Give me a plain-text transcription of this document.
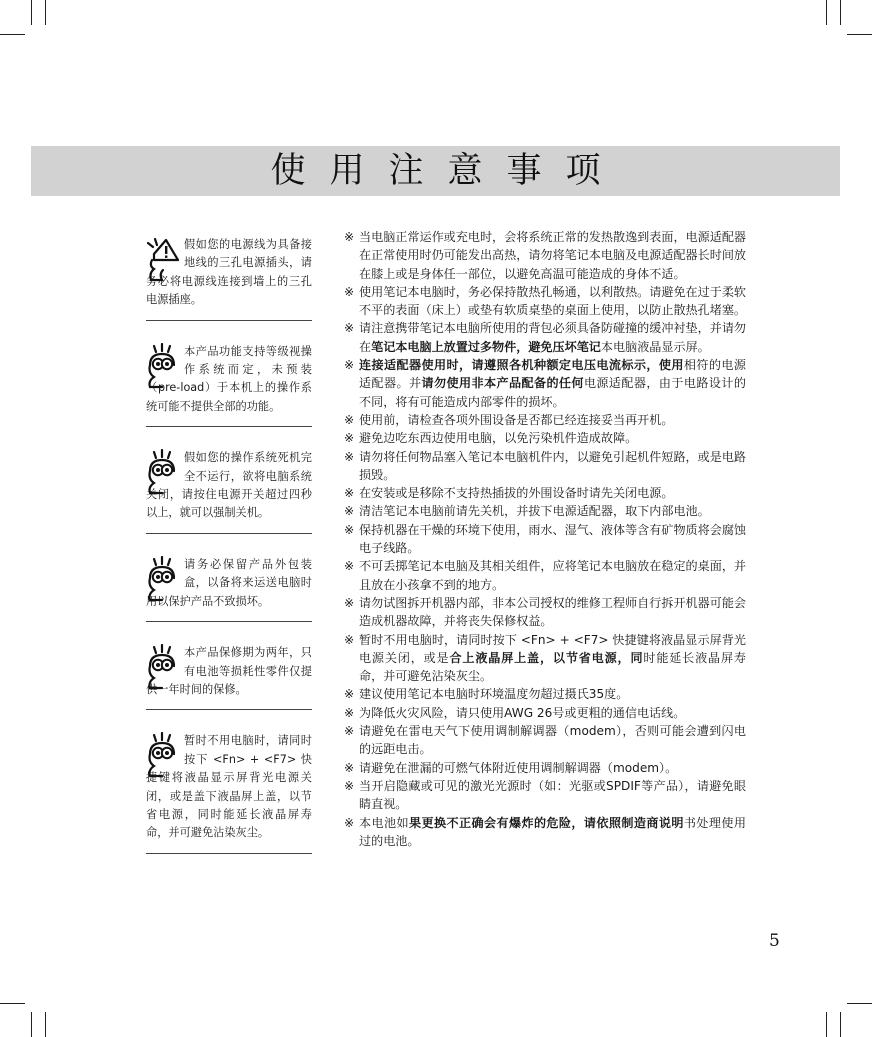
使用注意事项

假如您的电源线为具备接地线的三孔电源插头，请务必将电源线连接到墙上的三孔电源插座。

本产品功能支持等级视操作系统而定，未预装（pre-load）于本机上的操作系统可能不提供全部的功能。

假如您的操作系统死机完全不运行，欲将电脑系统关闭，请按住电源开关超过四秒以上，就可以强制关机。

请务必保留产品外包装盒，以备将来运送电脑时用以保护产品不致损坏。

本产品保修期为两年，只有电池等损耗性零件仅提供一年时间的保修。

暂时不用电脑时，请同时按下 <Fn> + <F7> 快捷键将液晶显示屏背光电源关闭，或是盖下液晶屏上盖，以节省电源，同时能延长液晶屏寿命，并可避免沾染灰尘。

※ 当电脑正常运作或充电时，会将系统正常的发热散逸到表面，电源适配器在正常使用时仍可能发出高热，请勿将笔记本电脑及电源适配器长时间放在膝上或是身体任一部位，以避免高温可能造成的身体不适。

※ 使用笔记本电脑时，务必保持散热孔畅通，以利散热。请避免在过于柔软不平的表面（床上）或垫有软质桌垫的桌面上使用，以防止散热孔堵塞。

※ 请注意携带笔记本电脑所使用的背包必须具备防碰撞的缓冲衬垫，并请勿在笔记本电脑上放置过多物件，避免压坏笔记本电脑液晶显示屏。

※ 连接适配器使用时，请遵照各机种额定电压电流标示，使用相符的电源适配器。并请勿使用非本产品配备的任何电源适配器，由于电路设计的不同，将有可能造成内部零件的损坏。

※ 使用前，请检查各项外围设备是否都已经连接妥当再开机。

※ 避免边吃东西边使用电脑，以免污染机件造成故障。

※ 请勿将任何物品塞入笔记本电脑机件内，以避免引起机件短路，或是电路损毁。

※ 在安装或是移除不支持热插拔的外围设备时请先关闭电源。

※ 清洁笔记本电脑前请先关机，并拔下电源适配器，取下内部电池。

※ 保持机器在干燥的环境下使用，雨水、湿气、液体等含有矿物质将会腐蚀电子线路。

※ 不可丢掷笔记本电脑及其相关组件，应将笔记本电脑放在稳定的桌面，并且放在小孩拿不到的地方。

※ 请勿试图拆开机器内部，非本公司授权的维修工程师自行拆开机器可能会造成机器故障，并将丧失保修权益。

※ 暂时不用电脑时，请同时按下 <Fn> + <F7> 快捷键将液晶显示屏背光电源关闭，或是合上液晶屏上盖，以节省电源，同时能延长液晶屏寿命，并可避免沾染灰尘。

※ 建议使用笔记本电脑时环境温度勿超过摄氏35度。

※ 为降低火灾风险，请只使用AWG 26号或更粗的通信电话线。

※ 请避免在雷电天气下使用调制解调器（modem），否则可能会遭到闪电的远距电击。

※ 请避免在泄漏的可燃气体附近使用调制解调器（modem）。

※ 当开启隐藏或可见的激光光源时（如：光驱或SPDIF等产品），请避免眼睛直视。

※ 本电池如果更换不正确会有爆炸的危险，请依照制造商说明书处理使用过的电池。

5
